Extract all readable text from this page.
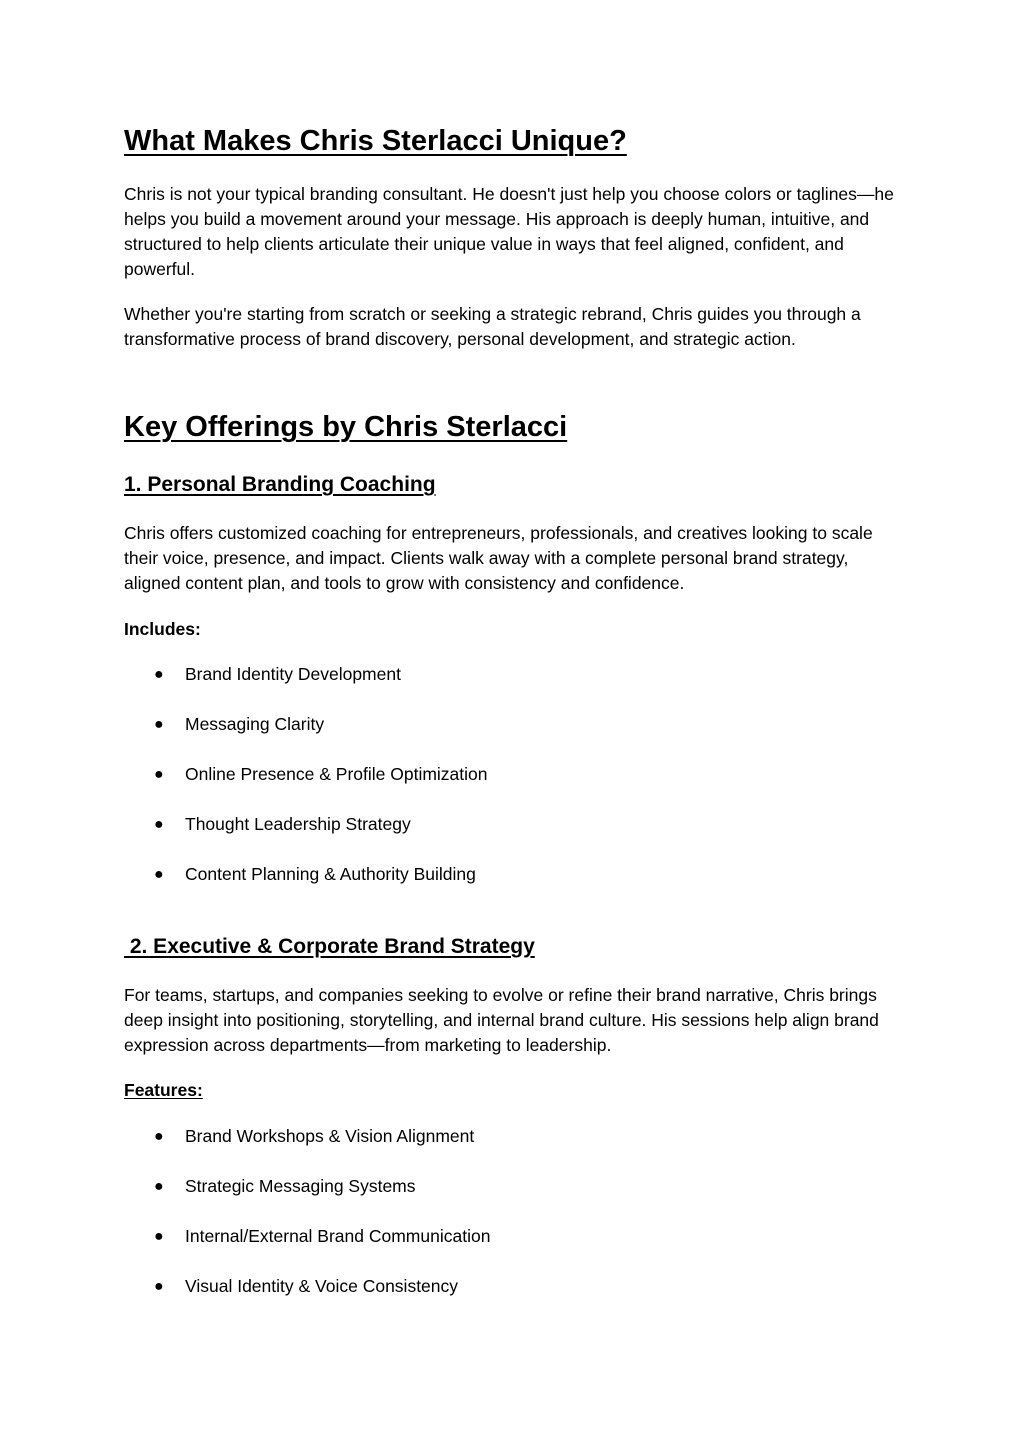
What Makes Chris Sterlacci Unique?

Chris is not your typical branding consultant. He doesn't just help you choose colors or taglines—he helps you build a movement around your message. His approach is deeply human, intuitive, and structured to help clients articulate their unique value in ways that feel aligned, confident, and powerful.

Whether you're starting from scratch or seeking a strategic rebrand, Chris guides you through a transformative process of brand discovery, personal development, and strategic action.

Key Offerings by Chris Sterlacci
1. Personal Branding Coaching

Chris offers customized coaching for entrepreneurs, professionals, and creatives looking to scale their voice, presence, and impact. Clients walk away with a complete personal brand strategy, aligned content plan, and tools to grow with consistency and confidence.

Includes:

● Brand Identity Development
● Messaging Clarity
● Online Presence & Profile Optimization
● Thought Leadership Strategy
● Content Planning & Authority Building
2. Executive & Corporate Brand Strategy

For teams, startups, and companies seeking to evolve or refine their brand narrative, Chris brings deep insight into positioning, storytelling, and internal brand culture. His sessions help align brand expression across departments—from marketing to leadership.

Features:

● Brand Workshops & Vision Alignment
● Strategic Messaging Systems
● Internal/External Brand Communication
● Visual Identity & Voice Consistency
